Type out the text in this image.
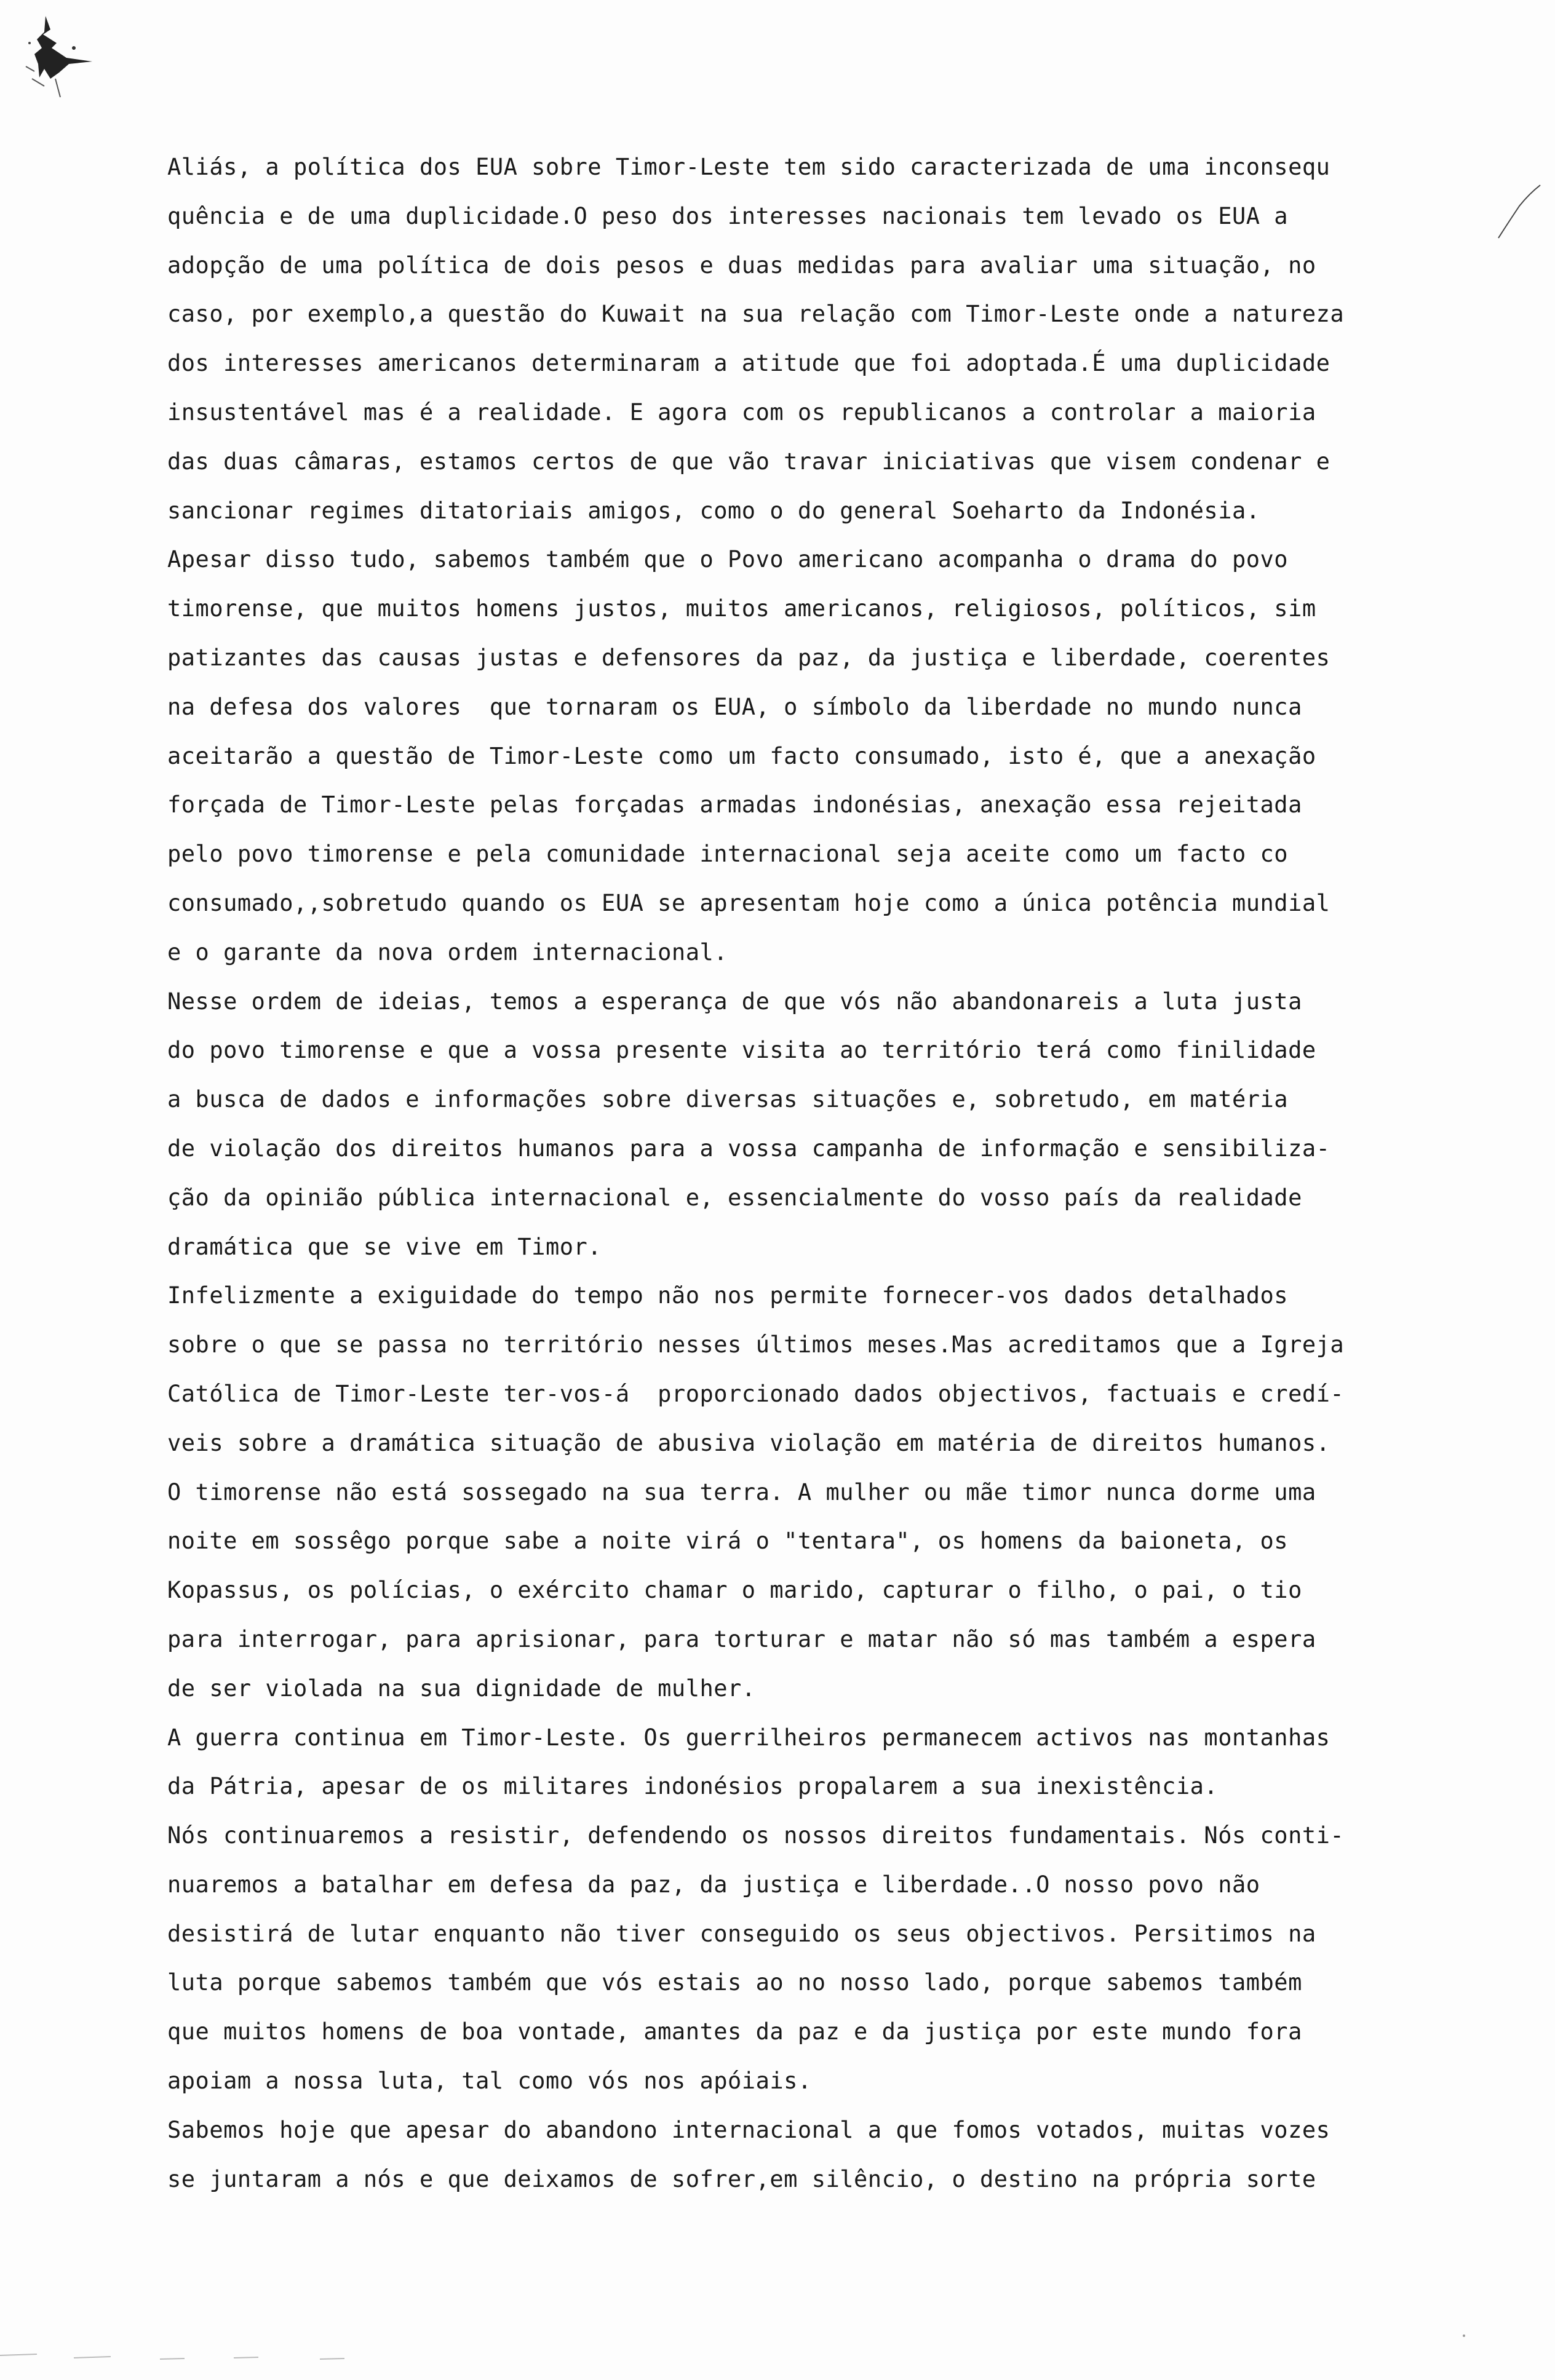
Aliás, a política dos EUA sobre Timor-Leste tem sido caracterizada de uma inconsequ
quência e de uma duplicidade.O peso dos interesses nacionais tem levado os EUA a
adopção de uma política de dois pesos e duas medidas para avaliar uma situação, no
caso, por exemplo,a questão do Kuwait na sua relação com Timor-Leste onde a natureza
dos interesses americanos determinaram a atitude que foi adoptada.É uma duplicidade
insustentável mas é a realidade. E agora com os republicanos a controlar a maioria
das duas câmaras, estamos certos de que vão travar iniciativas que visem condenar e
sancionar regimes ditatoriais amigos, como o do general Soeharto da Indonésia.
Apesar disso tudo, sabemos também que o Povo americano acompanha o drama do povo
timorense, que muitos homens justos, muitos americanos, religiosos, políticos, sim
patizantes das causas justas e defensores da paz, da justiça e liberdade, coerentes
na defesa dos valores  que tornaram os EUA, o símbolo da liberdade no mundo nunca
aceitarão a questão de Timor-Leste como um facto consumado, isto é, que a anexação
forçada de Timor-Leste pelas forçadas armadas indonésias, anexação essa rejeitada
pelo povo timorense e pela comunidade internacional seja aceite como um facto co
consumado,,sobretudo quando os EUA se apresentam hoje como a única potência mundial
e o garante da nova ordem internacional.
Nesse ordem de ideias, temos a esperança de que vós não abandonareis a luta justa
do povo timorense e que a vossa presente visita ao território terá como finilidade
a busca de dados e informações sobre diversas situações e, sobretudo, em matéria
de violação dos direitos humanos para a vossa campanha de informação e sensibiliza-
ção da opinião pública internacional e, essencialmente do vosso país da realidade
dramática que se vive em Timor.
Infelizmente a exiguidade do tempo não nos permite fornecer-vos dados detalhados
sobre o que se passa no território nesses últimos meses.Mas acreditamos que a Igreja
Católica de Timor-Leste ter-vos-á  proporcionado dados objectivos, factuais e credí-
veis sobre a dramática situação de abusiva violação em matéria de direitos humanos.
O timorense não está sossegado na sua terra. A mulher ou mãe timor nunca dorme uma
noite em sossêgo porque sabe a noite virá o "tentara", os homens da baioneta, os
Kopassus, os polícias, o exército chamar o marido, capturar o filho, o pai, o tio
para interrogar, para aprisionar, para torturar e matar não só mas também a espera
de ser violada na sua dignidade de mulher.
A guerra continua em Timor-Leste. Os guerrilheiros permanecem activos nas montanhas
da Pátria, apesar de os militares indonésios propalarem a sua inexistência.
Nós continuaremos a resistir, defendendo os nossos direitos fundamentais. Nós conti-
nuaremos a batalhar em defesa da paz, da justiça e liberdade..O nosso povo não
desistirá de lutar enquanto não tiver conseguido os seus objectivos. Persitimos na
luta porque sabemos também que vós estais ao no nosso lado, porque sabemos também
que muitos homens de boa vontade, amantes da paz e da justiça por este mundo fora
apoiam a nossa luta, tal como vós nos apóiais.
Sabemos hoje que apesar do abandono internacional a que fomos votados, muitas vozes
se juntaram a nós e que deixamos de sofrer,em silêncio, o destino na própria sorte
